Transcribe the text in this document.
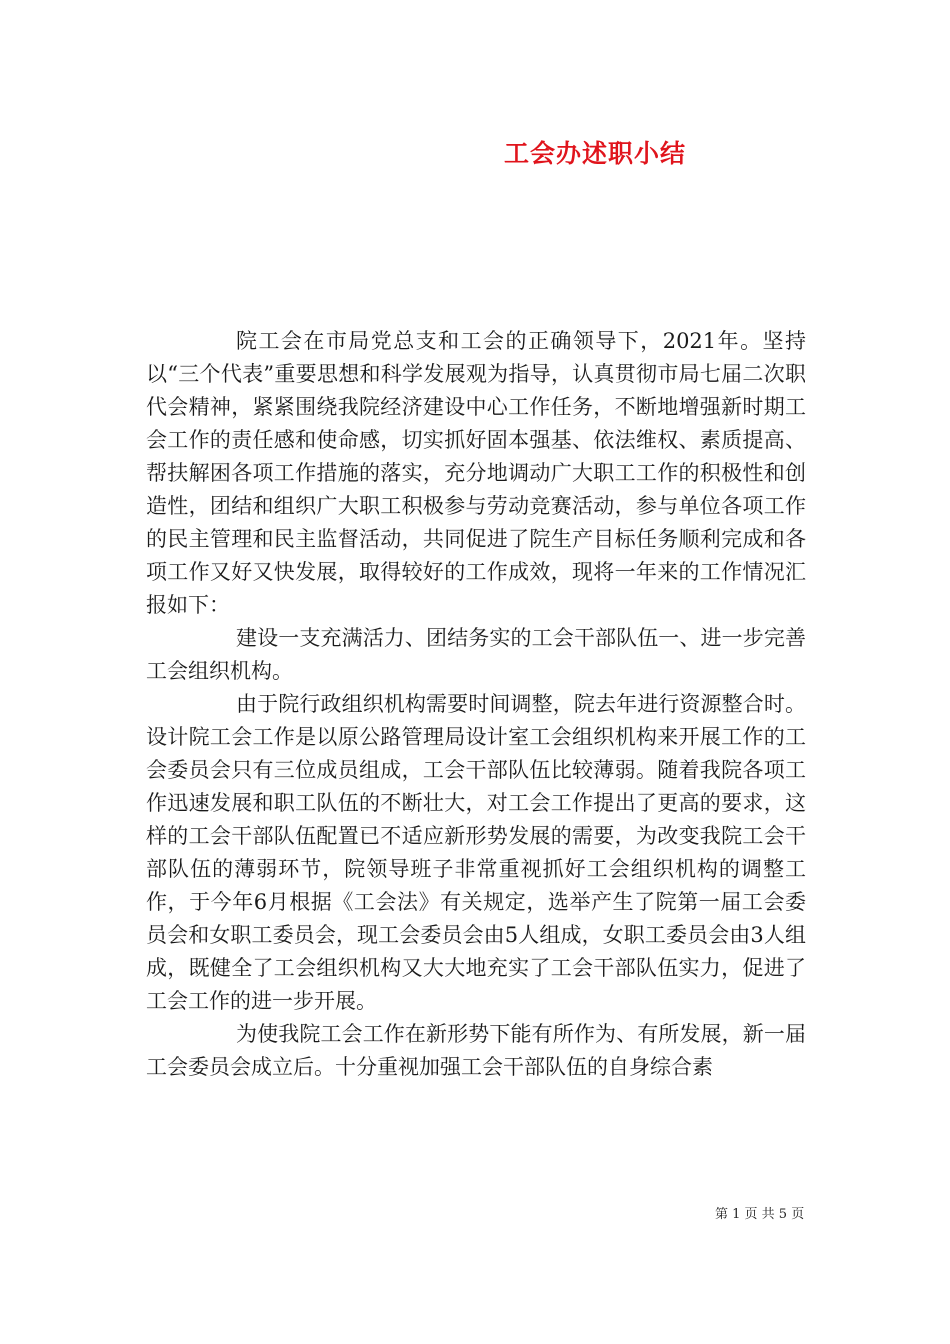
工会办述职小结

院工会在市局党总支和工会的正确领导下，2021年。坚持以“三个代表”重要思想和科学发展观为指导，认真贯彻市局七届二次职代会精神，紧紧围绕我院经济建设中心工作任务，不断地增强新时期工会工作的责任感和使命感，切实抓好固本强基、依法维权、素质提高、帮扶解困各项工作措施的落实，充分地调动广大职工工作的积极性和创造性，团结和组织广大职工积极参与劳动竞赛活动，参与单位各项工作的民主管理和民主监督活动，共同促进了院生产目标任务顺利完成和各项工作又好又快发展，取得较好的工作成效，现将一年来的工作情况汇报如下：

建设一支充满活力、团结务实的工会干部队伍一、进一步完善工会组织机构。

由于院行政组织机构需要时间调整，院去年进行资源整合时。设计院工会工作是以原公路管理局设计室工会组织机构来开展工作的工会委员会只有三位成员组成，工会干部队伍比较薄弱。随着我院各项工作迅速发展和职工队伍的不断壮大，对工会工作提出了更高的要求，这样的工会干部队伍配置已不适应新形势发展的需要，为改变我院工会干部队伍的薄弱环节，院领导班子非常重视抓好工会组织机构的调整工作，于今年6月根据《工会法》有关规定，选举产生了院第一届工会委员会和女职工委员会，现工会委员会由5人组成，女职工委员会由3人组成，既健全了工会组织机构又大大地充实了工会干部队伍实力，促进了工会工作的进一步开展。

为使我院工会工作在新形势下能有所作为、有所发展，新一届工会委员会成立后。十分重视加强工会干部队伍的自身综合素

第 1 页 共 5 页
